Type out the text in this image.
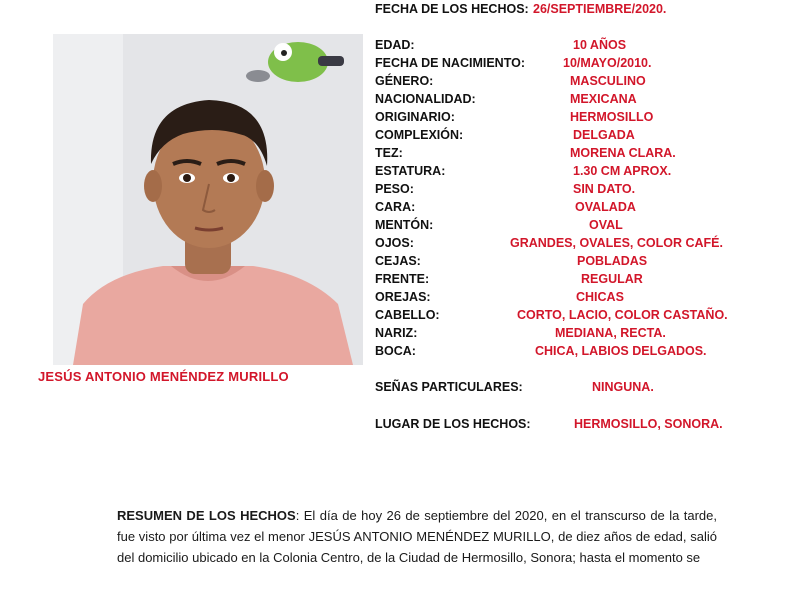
JESÚS ANTONIO MENÉNDEZ MURILLO
FECHA DE LOS HECHOS: 26/SEPTIEMBRE/2020.
EDAD:	10 AÑOS
FECHA DE NACIMIENTO:	10/MAYO/2010.
GÉNERO:	MASCULINO
NACIONALIDAD:	MEXICANA
ORIGINARIO:	HERMOSILLO
COMPLEXIÓN:	DELGADA
TEZ:	MORENA CLARA.
ESTATURA:	1.30 CM APROX.
PESO:	SIN DATO.
CARA:	OVALADA
MENTÓN:	OVAL
OJOS:	GRANDES, OVALES, COLOR CAFÉ.
CEJAS:	POBLADAS
FRENTE:	REGULAR
OREJAS:	CHICAS
CABELLO:	CORTO, LACIO, COLOR CASTAÑO.
NARIZ:	MEDIANA, RECTA.
BOCA:	CHICA, LABIOS DELGADOS.
SEÑAS PARTICULARES:	NINGUNA.
LUGAR DE LOS HECHOS:	HERMOSILLO, SONORA.
RESUMEN DE LOS HECHOS: El día de hoy 26 de septiembre del 2020, en el transcurso de la tarde, fue visto por última vez el menor JESÚS ANTONIO MENÉNDEZ MURILLO, de diez años de edad, salió del domicilio ubicado en la Colonia Centro, de la Ciudad de Hermosillo, Sonora; hasta el momento se
